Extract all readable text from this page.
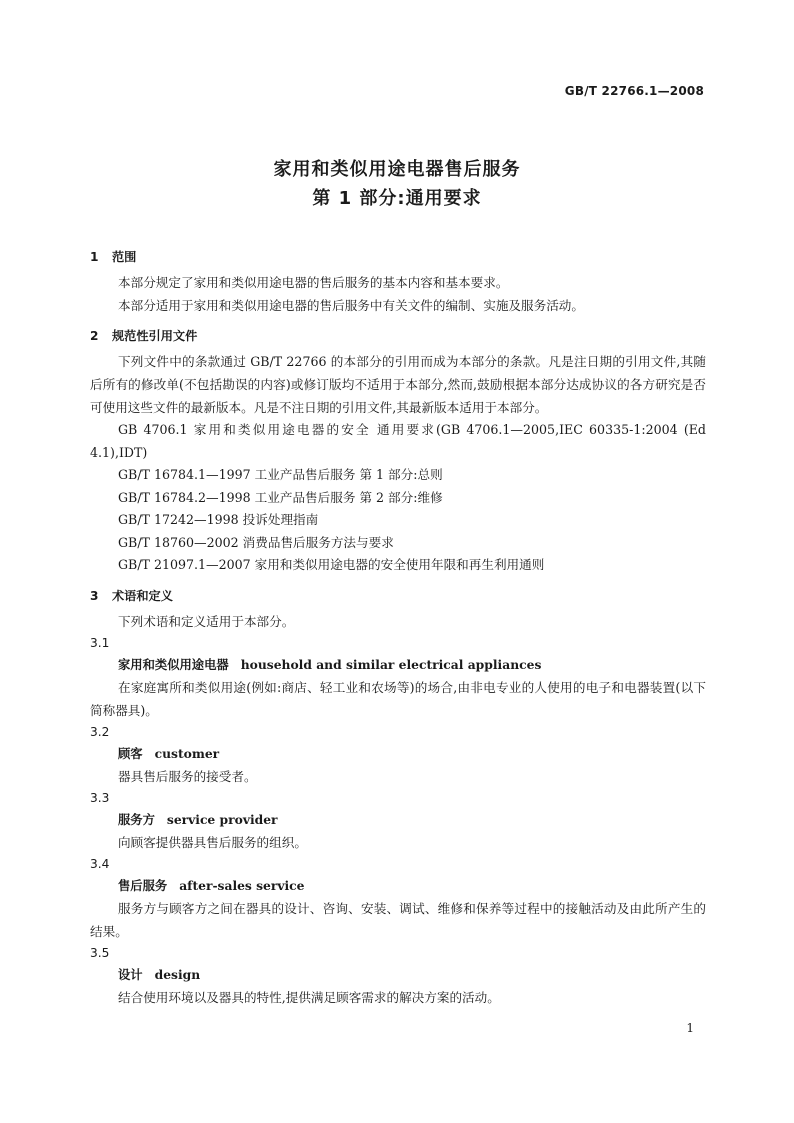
GB/T 22766.1—2008
家用和类似用途电器售后服务
第 1 部分:通用要求
1 范围
本部分规定了家用和类似用途电器的售后服务的基本内容和基本要求。
本部分适用于家用和类似用途电器的售后服务中有关文件的编制、实施及服务活动。
2 规范性引用文件
下列文件中的条款通过 GB/T 22766 的本部分的引用而成为本部分的条款。凡是注日期的引用文件,其随后所有的修改单(不包括勘误的内容)或修订版均不适用于本部分,然而,鼓励根据本部分达成协议的各方研究是否可使用这些文件的最新版本。凡是不注日期的引用文件,其最新版本适用于本部分。
GB 4706.1 家用和类似用途电器的安全 通用要求(GB 4706.1—2005,IEC 60335-1:2004 (Ed 4.1),IDT)
GB/T 16784.1—1997 工业产品售后服务 第 1 部分:总则
GB/T 16784.2—1998 工业产品售后服务 第 2 部分:维修
GB/T 17242—1998 投诉处理指南
GB/T 18760—2002 消费品售后服务方法与要求
GB/T 21097.1—2007 家用和类似用途电器的安全使用年限和再生利用通则
3 术语和定义
下列术语和定义适用于本部分。
3.1
家用和类似用途电器 household and similar electrical appliances
在家庭寓所和类似用途(例如:商店、轻工业和农场等)的场合,由非电专业的人使用的电子和电器装置(以下简称器具)。
3.2
顾客 customer
器具售后服务的接受者。
3.3
服务方 service provider
向顾客提供器具售后服务的组织。
3.4
售后服务 after-sales service
服务方与顾客方之间在器具的设计、咨询、安装、调试、维修和保养等过程中的接触活动及由此所产生的结果。
3.5
设计 design
结合使用环境以及器具的特性,提供满足顾客需求的解决方案的活动。
1
